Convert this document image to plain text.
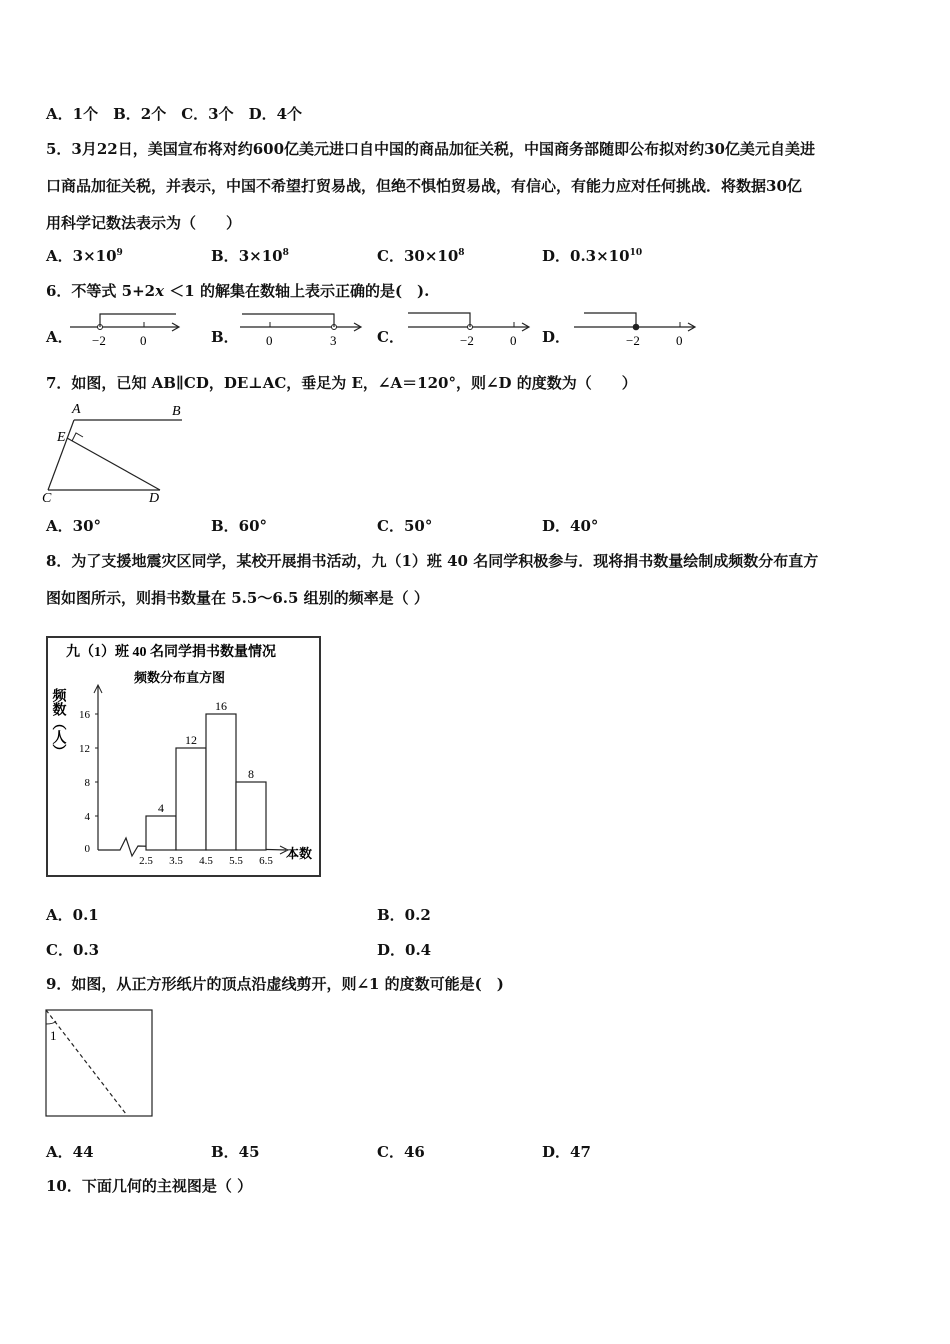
A．1个　B．2个　C．3个　D．4个
5．3月22日，美国宣布将对约600亿美元进口自中国的商品加征关税，中国商务部随即公布拟对约30亿美元自美进
口商品加征关税，并表示，中国不希望打贸易战，但绝不惧怕贸易战，有信心，有能力应对任何挑战．将数据30亿
用科学记数法表示为（　　）
A．$3\times 10^9$	B．$3\times 10^8$	C．$30\times 10^8$	D．$0.3\times 10^{10}$
6．不等式 5+2x ＜1 的解集在数轴上表示正确的是(　).
A． −2	0	B． 0	3	C．	−2	0 D．	−2	0
7．如图，已知 AB∥CD，DE⊥AC，垂足为 E，∠A＝120°，则∠D 的度数为（　　）
A	B
E
C	D
A．30°	B．60°	C．50°	D．40°
8．为了支援地震灾区同学，某校开展捐书活动，九（1）班 40 名同学积极参与．现将捐书数量绘制成频数分布直方
图如图所示，则捐书数量在 5.5～6.5 组别的频率是（ ）
九（1）班 40 名同学捐书数量情况
频数分布直方图
频数（人）
本数
4
12
16
8
2.5 3.5 4.5 5.5 6.5
0
4
8
12
16
A．0.1	B．0.2
C．0.3	D．0.4
9．如图，从正方形纸片的顶点沿虚线剪开，则∠1 的度数可能是(　)
1
A．44	B．45	C．46	D．47
10．下面几何的主视图是（ ）
